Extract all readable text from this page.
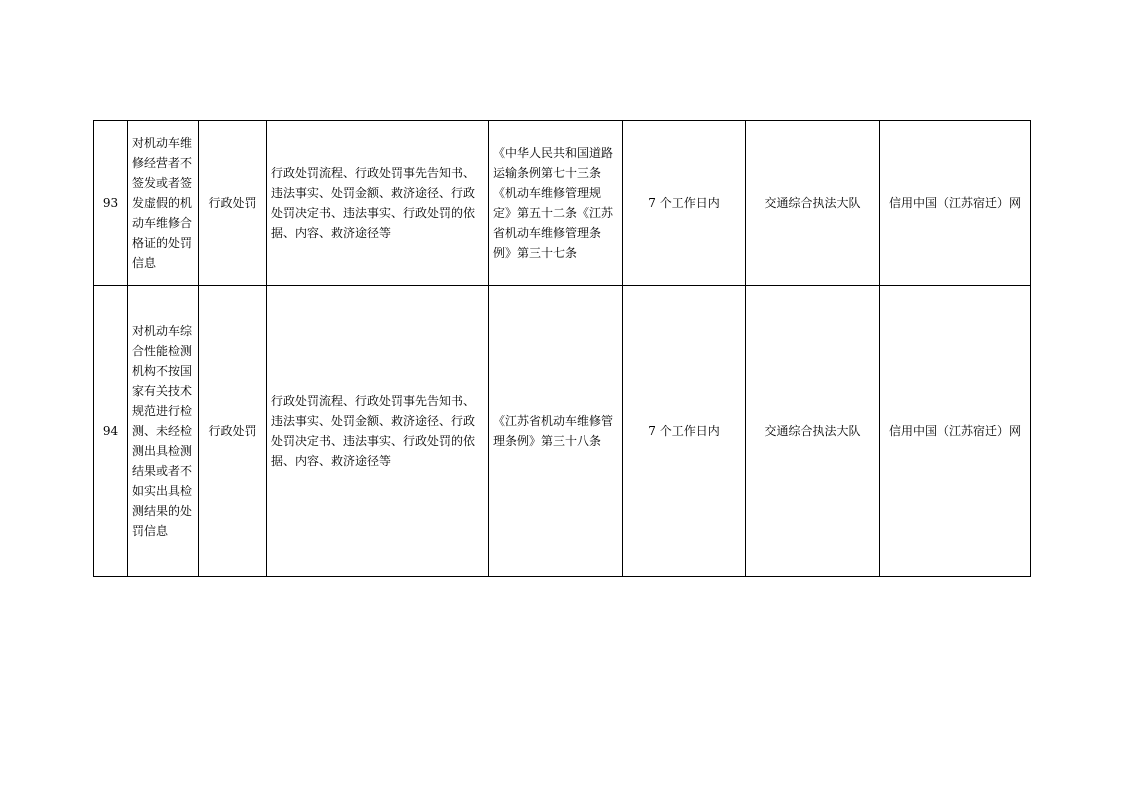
93	对机动车维修经营者不签发或者签发虚假的机动车维修合格证的处罚信息	行政处罚	行政处罚流程、行政处罚事先告知书、违法事实、处罚金额、救济途径、行政处罚决定书、违法事实、行政处罚的依据、内容、救济途径等	《中华人民共和国道路运输条例第七十三条《机动车维修管理规定》第五十二条《江苏省机动车维修管理条例》第三十七条	7 个工作日内	交通综合执法大队	信用中国（江苏宿迁）网
94	对机动车综合性能检测机构不按国家有关技术规范进行检测、未经检测出具检测结果或者不如实出具检测结果的处罚信息	行政处罚	行政处罚流程、行政处罚事先告知书、违法事实、处罚金额、救济途径、行政处罚决定书、违法事实、行政处罚的依据、内容、救济途径等	《江苏省机动车维修管理条例》第三十八条	7 个工作日内	交通综合执法大队	信用中国（江苏宿迁）网
